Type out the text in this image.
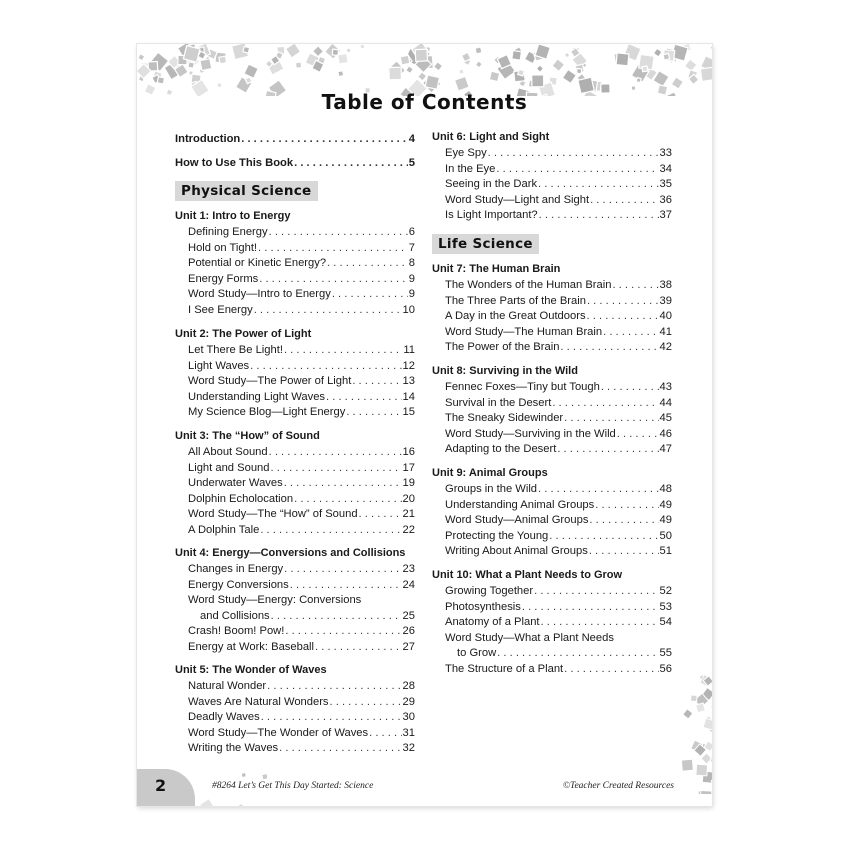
Table of Contents
Introduction . . .	4
How to Use This Book . . .	5
Physical Science
Unit 1: Intro to Energy
Defining Energy . . .	6
Hold on Tight! . . .	7
Potential or Kinetic Energy? . . .	8
Energy Forms . . .	9
Word Study—Intro to Energy . . .	9
I See Energy . . .	10
Unit 2: The Power of Light
Let There Be Light! . . .	11
Light Waves . . .	12
Word Study—The Power of Light . . .	13
Understanding Light Waves . . .	14
My Science Blog—Light Energy . . .	15
Unit 3: The “How” of Sound
All About Sound . . .	16
Light and Sound . . .	17
Underwater Waves . . .	19
Dolphin Echolocation . . .	20
Word Study—The “How” of Sound . . .	21
A Dolphin Tale . . .	22
Unit 4: Energy—Conversions and Collisions
Changes in Energy . . .	23
Energy Conversions . . .	24
Word Study—Energy: Conversions
and Collisions . . .	25
Crash! Boom! Pow! . . .	26
Energy at Work: Baseball . . .	27
Unit 5: The Wonder of Waves
Natural Wonder . . .	28
Waves Are Natural Wonders . . .	29
Deadly Waves . . .	30
Word Study—The Wonder of Waves . . .	31
Writing the Waves . . .	32
Unit 6: Light and Sight
Eye Spy . . .	33
In the Eye . . .	34
Seeing in the Dark . . .	35
Word Study—Light and Sight . . .	36
Is Light Important? . . .	37
Life Science
Unit 7: The Human Brain
The Wonders of the Human Brain . . .	38
The Three Parts of the Brain . . .	39
A Day in the Great Outdoors . . .	40
Word Study—The Human Brain . . .	41
The Power of the Brain . . .	42
Unit 8: Surviving in the Wild
Fennec Foxes—Tiny but Tough . . .	43
Survival in the Desert . . .	44
The Sneaky Sidewinder . . .	45
Word Study—Surviving in the Wild . . .	46
Adapting to the Desert . . .	47
Unit 9: Animal Groups
Groups in the Wild . . .	48
Understanding Animal Groups . . .	49
Word Study—Animal Groups . . .	49
Protecting the Young . . .	50
Writing About Animal Groups . . .	51
Unit 10: What a Plant Needs to Grow
Growing Together . . .	52
Photosynthesis . . .	53
Anatomy of a Plant . . .	54
Word Study—What a Plant Needs
to Grow . . .	55
The Structure of a Plant . . .	56
2	#8264 Let’s Get This Day Started: Science	©Teacher Created Resources
